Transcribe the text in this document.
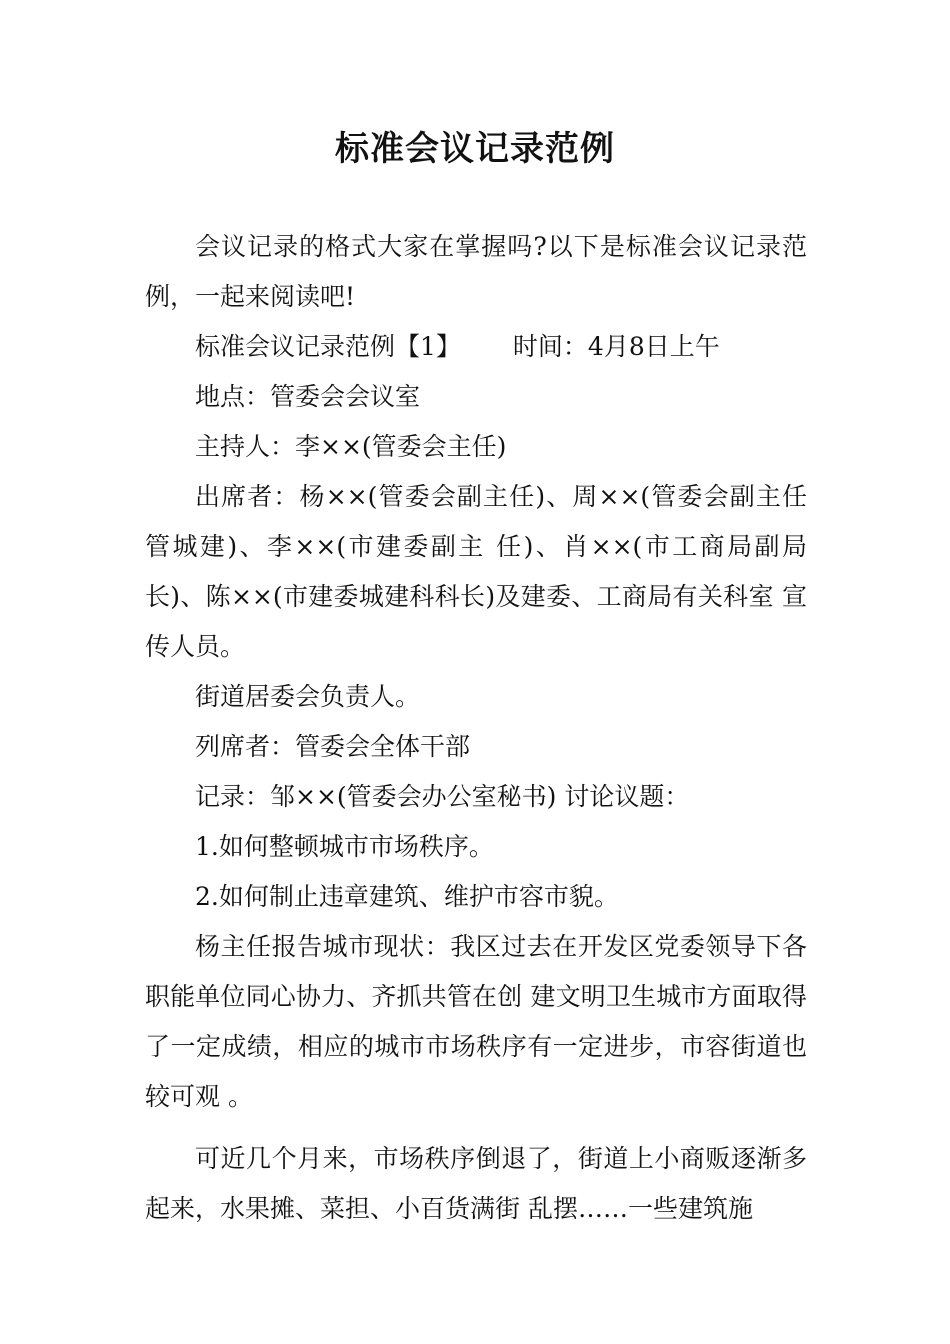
标准会议记录范例

会议记录的格式大家在掌握吗?以下是标准会议记录范例，一起来阅读吧!

标准会议记录范例【1】 时间：4月8日上午

地点：管委会会议室

主持人：李××(管委会主任)

出席者：杨××(管委会副主任)、周××(管委会副主任管城建)、李××(市建委副主 任)、肖××(市工商局副局长)、陈××(市建委城建科科长)及建委、工商局有关科室 宣传人员。

街道居委会负责人。

列席者：管委会全体干部

记录：邹××(管委会办公室秘书) 讨论议题：

1.如何整顿城市市场秩序。

2.如何制止违章建筑、维护市容市貌。

杨主任报告城市现状：我区过去在开发区党委领导下各职能单位同心协力、齐抓共管在创 建文明卫生城市方面取得了一定成绩，相应的城市市场秩序有一定进步，市容街道也较可观 。

可近几个月来，市场秩序倒退了，街道上小商贩逐渐多起来，水果摊、菜担、小百货满街 乱摆……一些建筑施
